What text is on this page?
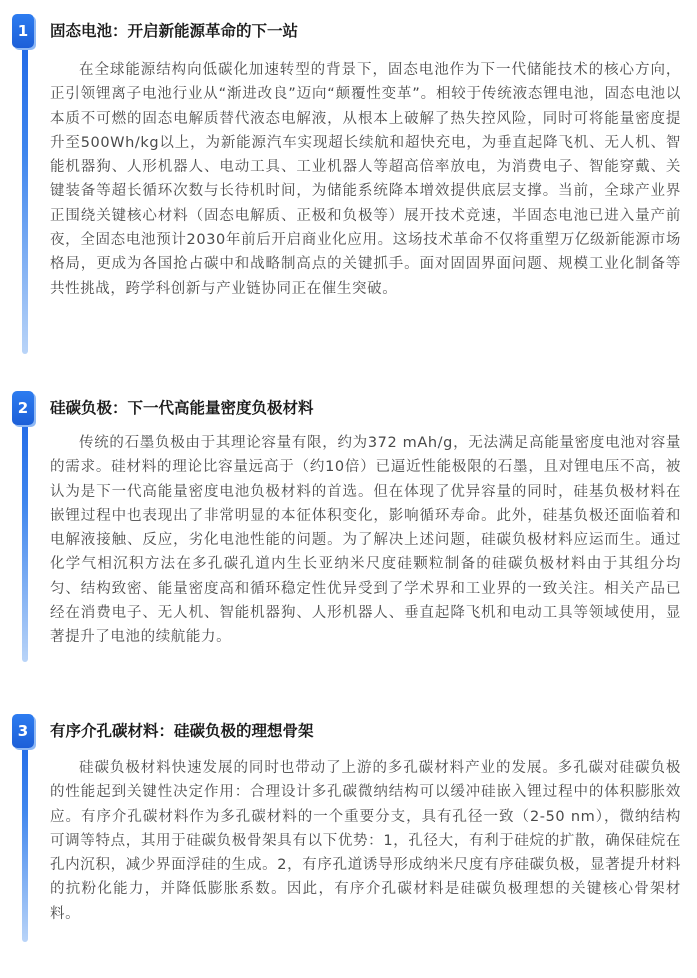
1	固态电池：开启新能源革命的下一站

在全球能源结构向低碳化加速转型的背景下，固态电池作为下一代储能技术的核心方向，正引领锂离子电池行业从“渐进改良”迈向“颠覆性变革”。相较于传统液态锂电池，固态电池以本质不可燃的固态电解质替代液态电解液，从根本上破解了热失控风险，同时可将能量密度提升至500Wh/kg以上，为新能源汽车实现超长续航和超快充电，为垂直起降飞机、无人机、智能机器狗、人形机器人、电动工具、工业机器人等超高倍率放电，为消费电子、智能穿戴、关键装备等超长循环次数与长待机时间，为储能系统降本增效提供底层支撑。当前，全球产业界正围绕关键核心材料（固态电解质、正极和负极等）展开技术竞速，半固态电池已进入量产前夜，全固态电池预计2030年前后开启商业化应用。这场技术革命不仅将重塑万亿级新能源市场格局，更成为各国抢占碳中和战略制高点的关键抓手。面对固固界面问题、规模工业化制备等共性挑战，跨学科创新与产业链协同正在催生突破。

2	硅碳负极：下一代高能量密度负极材料

传统的石墨负极由于其理论容量有限，约为372 mAh/g，无法满足高能量密度电池对容量的需求。硅材料的理论比容量远高于（约10倍）已逼近性能极限的石墨，且对锂电压不高，被认为是下一代高能量密度电池负极材料的首选。但在体现了优异容量的同时，硅基负极材料在嵌锂过程中也表现出了非常明显的本征体积变化，影响循环寿命。此外，硅基负极还面临着和电解液接触、反应，劣化电池性能的问题。为了解决上述问题，硅碳负极材料应运而生。通过化学气相沉积方法在多孔碳孔道内生长亚纳米尺度硅颗粒制备的硅碳负极材料由于其组分均匀、结构致密、能量密度高和循环稳定性优异受到了学术界和工业界的一致关注。相关产品已经在消费电子、无人机、智能机器狗、人形机器人、垂直起降飞机和电动工具等领域使用，显著提升了电池的续航能力。

3	有序介孔碳材料：硅碳负极的理想骨架

硅碳负极材料快速发展的同时也带动了上游的多孔碳材料产业的发展。多孔碳对硅碳负极的性能起到关键性决定作用：合理设计多孔碳微纳结构可以缓冲硅嵌入锂过程中的体积膨胀效应。有序介孔碳材料作为多孔碳材料的一个重要分支，具有孔径一致（2-50 nm），微纳结构可调等特点，其用于硅碳负极骨架具有以下优势：1，孔径大，有利于硅烷的扩散，确保硅烷在孔内沉积，减少界面浮硅的生成。2，有序孔道诱导形成纳米尺度有序硅碳负极，显著提升材料的抗粉化能力，并降低膨胀系数。因此，有序介孔碳材料是硅碳负极理想的关键核心骨架材料。
